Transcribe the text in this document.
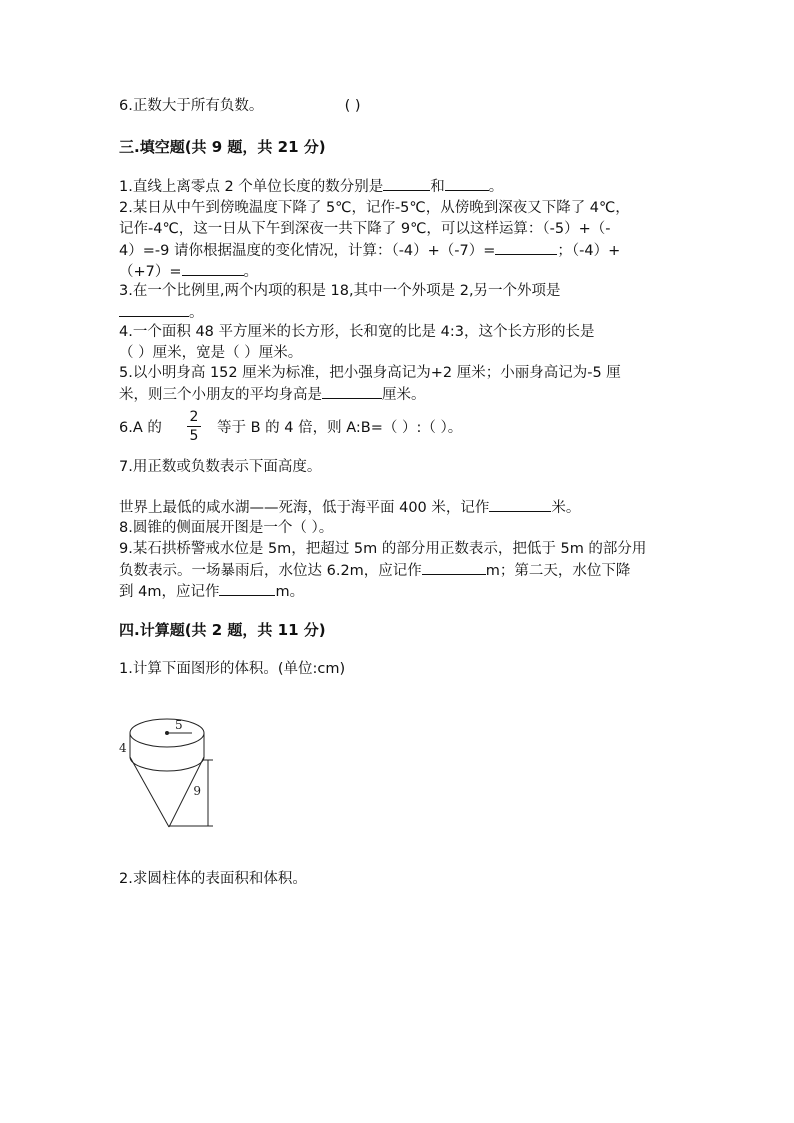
6.正数大于所有负数。	( )
三.填空题(共 9 题，共 21 分)
1.直线上离零点 2 个单位长度的数分别是	和	。
2.某日从中午到傍晚温度下降了 5℃，记作-5℃，从傍晚到深夜又下降了 4℃，
记作-4℃，这一日从下午到深夜一共下降了 9℃，可以这样运算：（-5）+（-
4）=-9 请你根据温度的变化情况，计算：（-4）+（-7）=	；（-4）+
（+7）=	。
3.在一个比例里,两个内项的积是 18,其中一个外项是 2,另一个外项是
。
4.一个面积 48 平方厘米的长方形，长和宽的比是 4:3，这个长方形的长是
（ ）厘米，宽是（ ）厘米。
5.以小明身高 152 厘米为标准，把小强身高记为+2 厘米；小丽身高记为-5 厘
米，则三个小朋友的平均身高是	厘米。
6.A 的
2
5 等于 B 的 4 倍，则 A:B=（ ）:（ ）。
7.用正数或负数表示下面高度。
世界上最低的咸水湖——死海，低于海平面 400 米，记作	米。
8.圆锥的侧面展开图是一个（ ）。
9.某石拱桥警戒水位是 5m，把超过 5m 的部分用正数表示，把低于 5m 的部分用
负数表示。一场暴雨后，水位达 6.2m，应记作	m；第二天，水位下降
到 4m，应记作	m。
四.计算题(共 2 题，共 11 分)
1.计算下面图形的体积。(单位:cm)
5
4
9
2.求圆柱体的表面积和体积。
